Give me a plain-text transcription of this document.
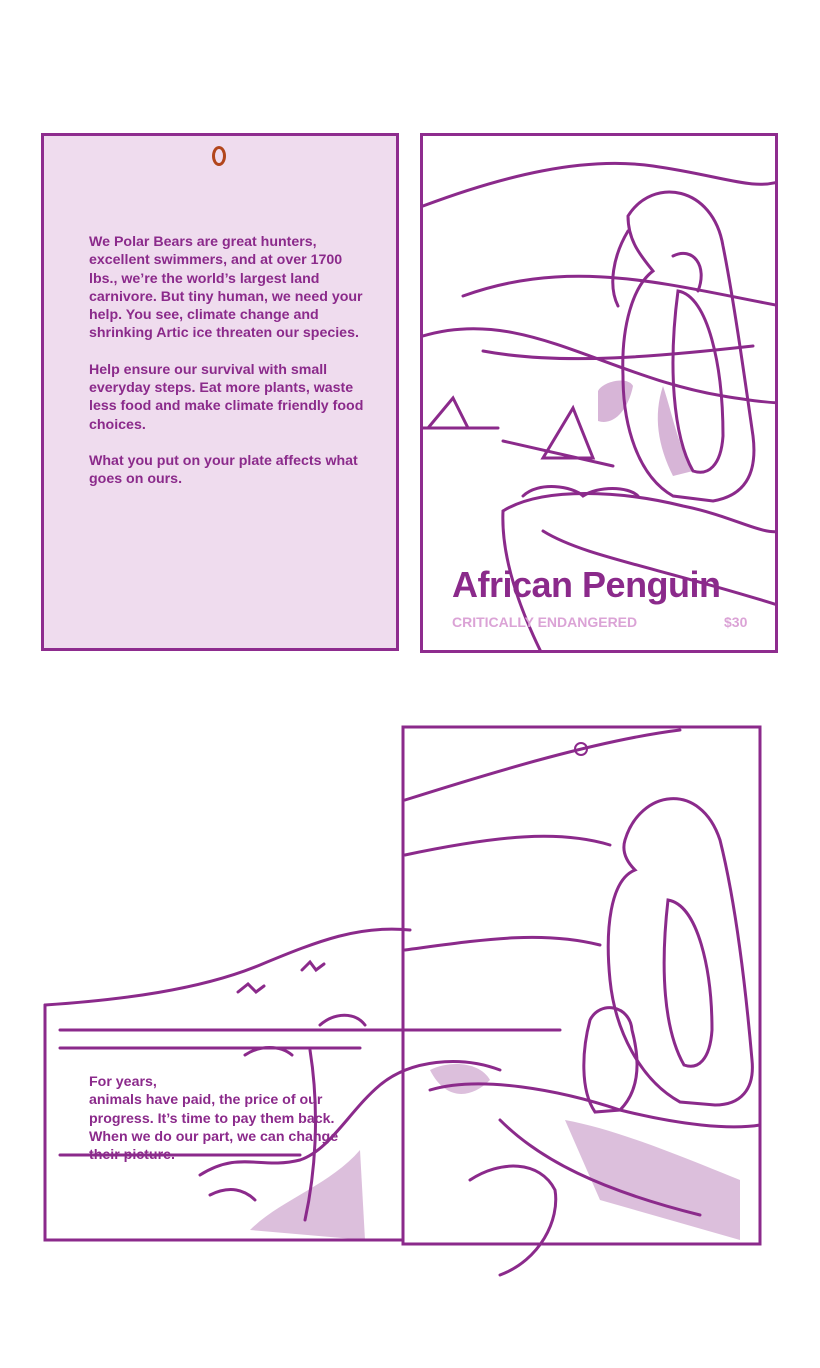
We Polar Bears are great hunters, excellent swimmers, and at over 1700 lbs., we’re the world’s largest land carnivore. But tiny human, we need your help. You see, climate change and shrinking Artic ice threaten our species.

Help ensure our survival with small everyday steps. Eat more plants, waste less food and make climate friendly food choices.

What you put on your plate affects what goes on ours.

African Penguin
CRITICALLY ENDANGERED	$30
For years,
animals have paid, the price of our
progress. It’s time to pay them back.
When we do our part, we can change
their picture.
